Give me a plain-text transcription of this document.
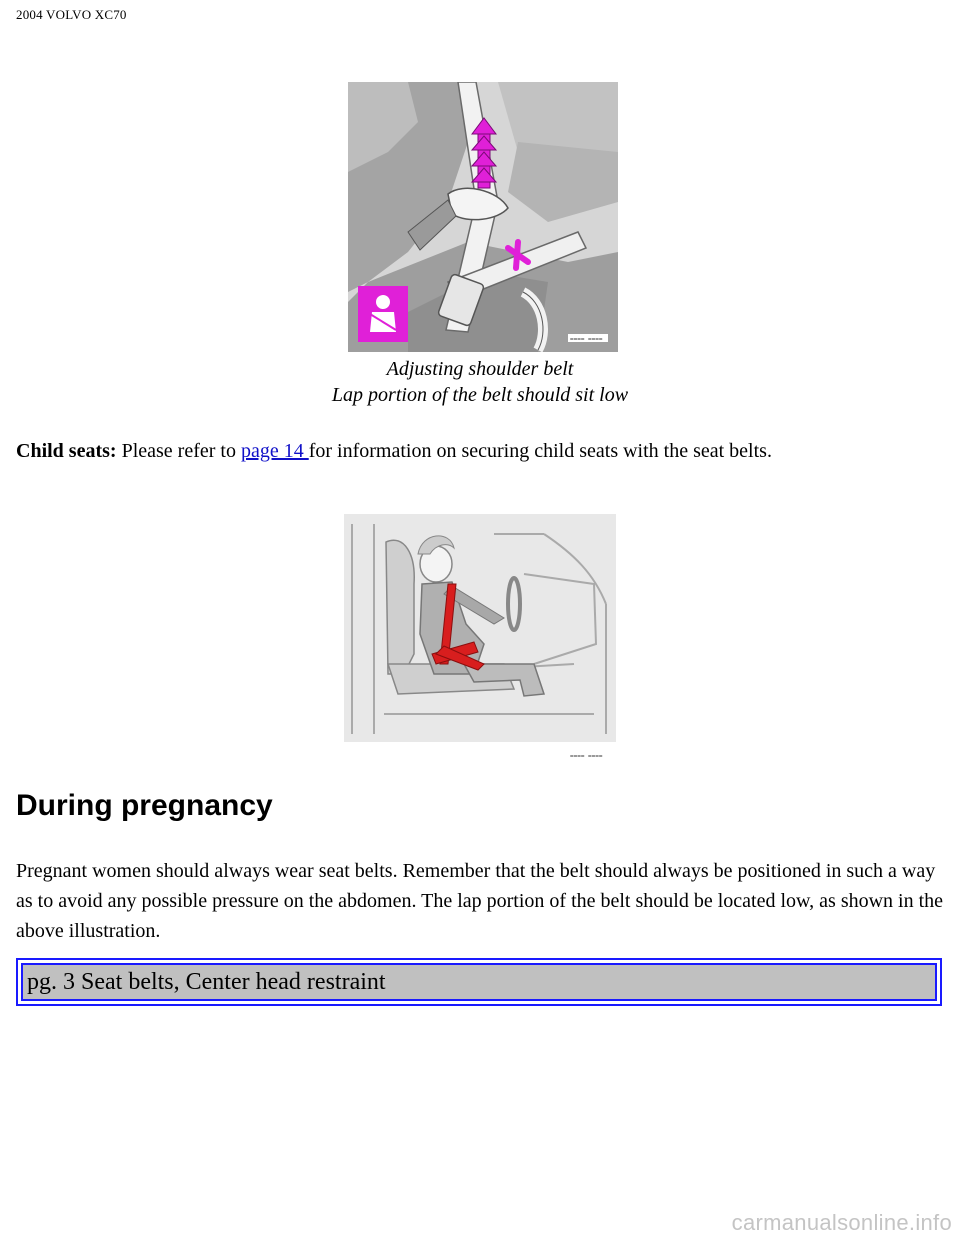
2004 VOLVO XC70
==== ====
Adjusting shoulder belt
Lap portion of the belt should sit low
Child seats: Please refer to page 14 for information on securing child seats with the seat belts.
==== ====
During pregnancy

Pregnant women should always wear seat belts. Remember that the belt should always be positioned in such a way as to avoid any possible pressure on the abdomen. The lap portion of the belt should be located low, as shown in the above illustration.

pg. 3 Seat belts, Center head restraint
carmanualsonline.info
